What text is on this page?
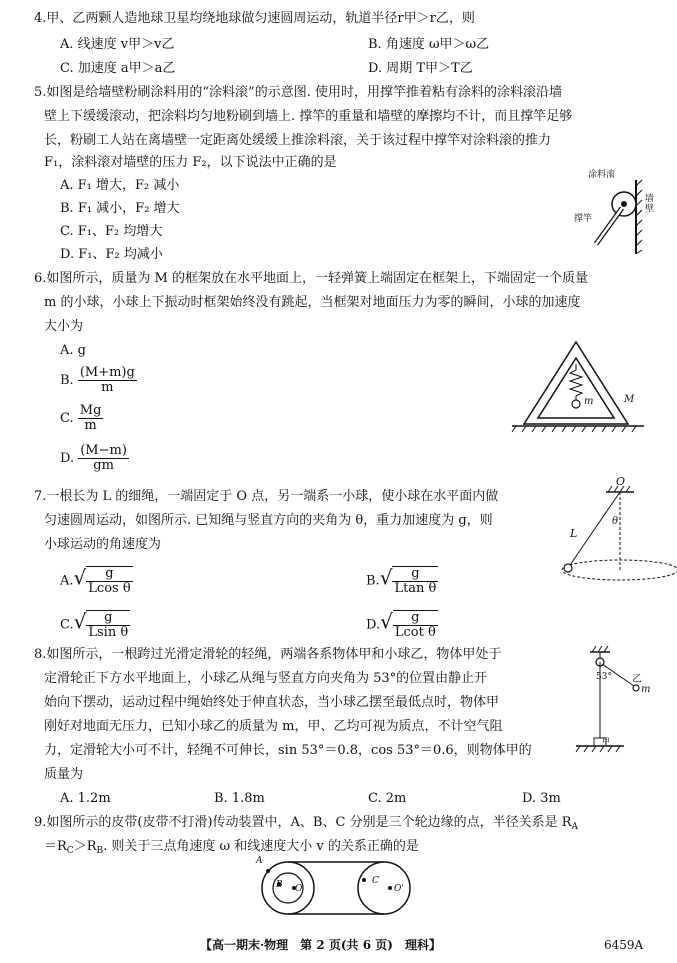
4.甲、乙两颗人造地球卫星均绕地球做匀速圆周运动，轨道半径r甲＞r乙，则
A. 线速度 v甲＞v乙	B. 角速度 ω甲＞ω乙
C. 加速度 a甲＞a乙	D. 周期 T甲＞T乙
5.如图是给墙壁粉刷涂料用的“涂料滚”的示意图. 使用时，用撑竿推着粘有涂料的涂料滚沿墙
壁上下缓缓滚动，把涂料均匀地粉刷到墙上. 撑竿的重量和墙壁的摩擦均不计，而且撑竿足够
长，粉刷工人站在离墙壁一定距离处缓缓上推涂料滚，关于该过程中撑竿对涂料滚的推力
F₁，涂料滚对墙壁的压力 F₂，以下说法中正确的是
A. F₁ 增大，F₂ 减小
B. F₁ 减小，F₂ 增大
C. F₁、F₂ 均增大
D. F₁、F₂ 均减小
涂料滚
撑竿
墙壁
6.如图所示，质量为 M 的框架放在水平地面上，一轻弹簧上端固定在框架上，下端固定一个质量
m 的小球，小球上下振动时框架始终没有跳起，当框架对地面压力为零的瞬间，小球的加速度
大小为
A. g
B. $\frac{(M+m)g}{m}$
C. $\frac{Mg}{m}$
D. $\frac{(M-m)}{gm}$
m	M
7.一根长为 L 的细绳，一端固定于 O 点，另一端系一小球，使小球在水平面内做
匀速圆周运动，如图所示. 已知绳与竖直方向的夹角为 θ，重力加速度为 g，则
小球运动的角速度为
$A.√ \frac{g}{\text{Lcos θ}}$	$B.√ \frac{g}{\text{Ltan θ}}$
$C.√ \frac{g}{\text{Lsin θ}}$	$D.√ \frac{g}{\text{Lcot θ}}$
O
L
θ
8.如图所示，一根跨过光滑定滑轮的轻绳，两端各系物体甲和小球乙，物体甲处于
定滑轮正下方水平地面上，小球乙从绳与竖直方向夹角为 53°的位置由静止开
始向下摆动，运动过程中绳始终处于伸直状态，当小球乙摆至最低点时，物体甲
刚好对地面无压力，已知小球乙的质量为 m，甲、乙均可视为质点，不计空气阻
力，定滑轮大小可不计，轻绳不可伸长，sin 53°＝0.8，cos 53°＝0.6，则物体甲的
质量为
A. 1.2m	B. 1.8m	C. 2m	D. 3m
53° 乙
m
甲
9.如图所示的皮带(皮带不打滑)传动装置中，A、B、C 分别是三个轮边缘的点，半径关系是 $R_A$
$=R_C>R_B$. 则关于三点角速度 ω 和线速度大小 v 的关系正确的是
A
B O
C
O'
【高一期末·物理　第 2 页(共 6 页)　理科】	6459A
